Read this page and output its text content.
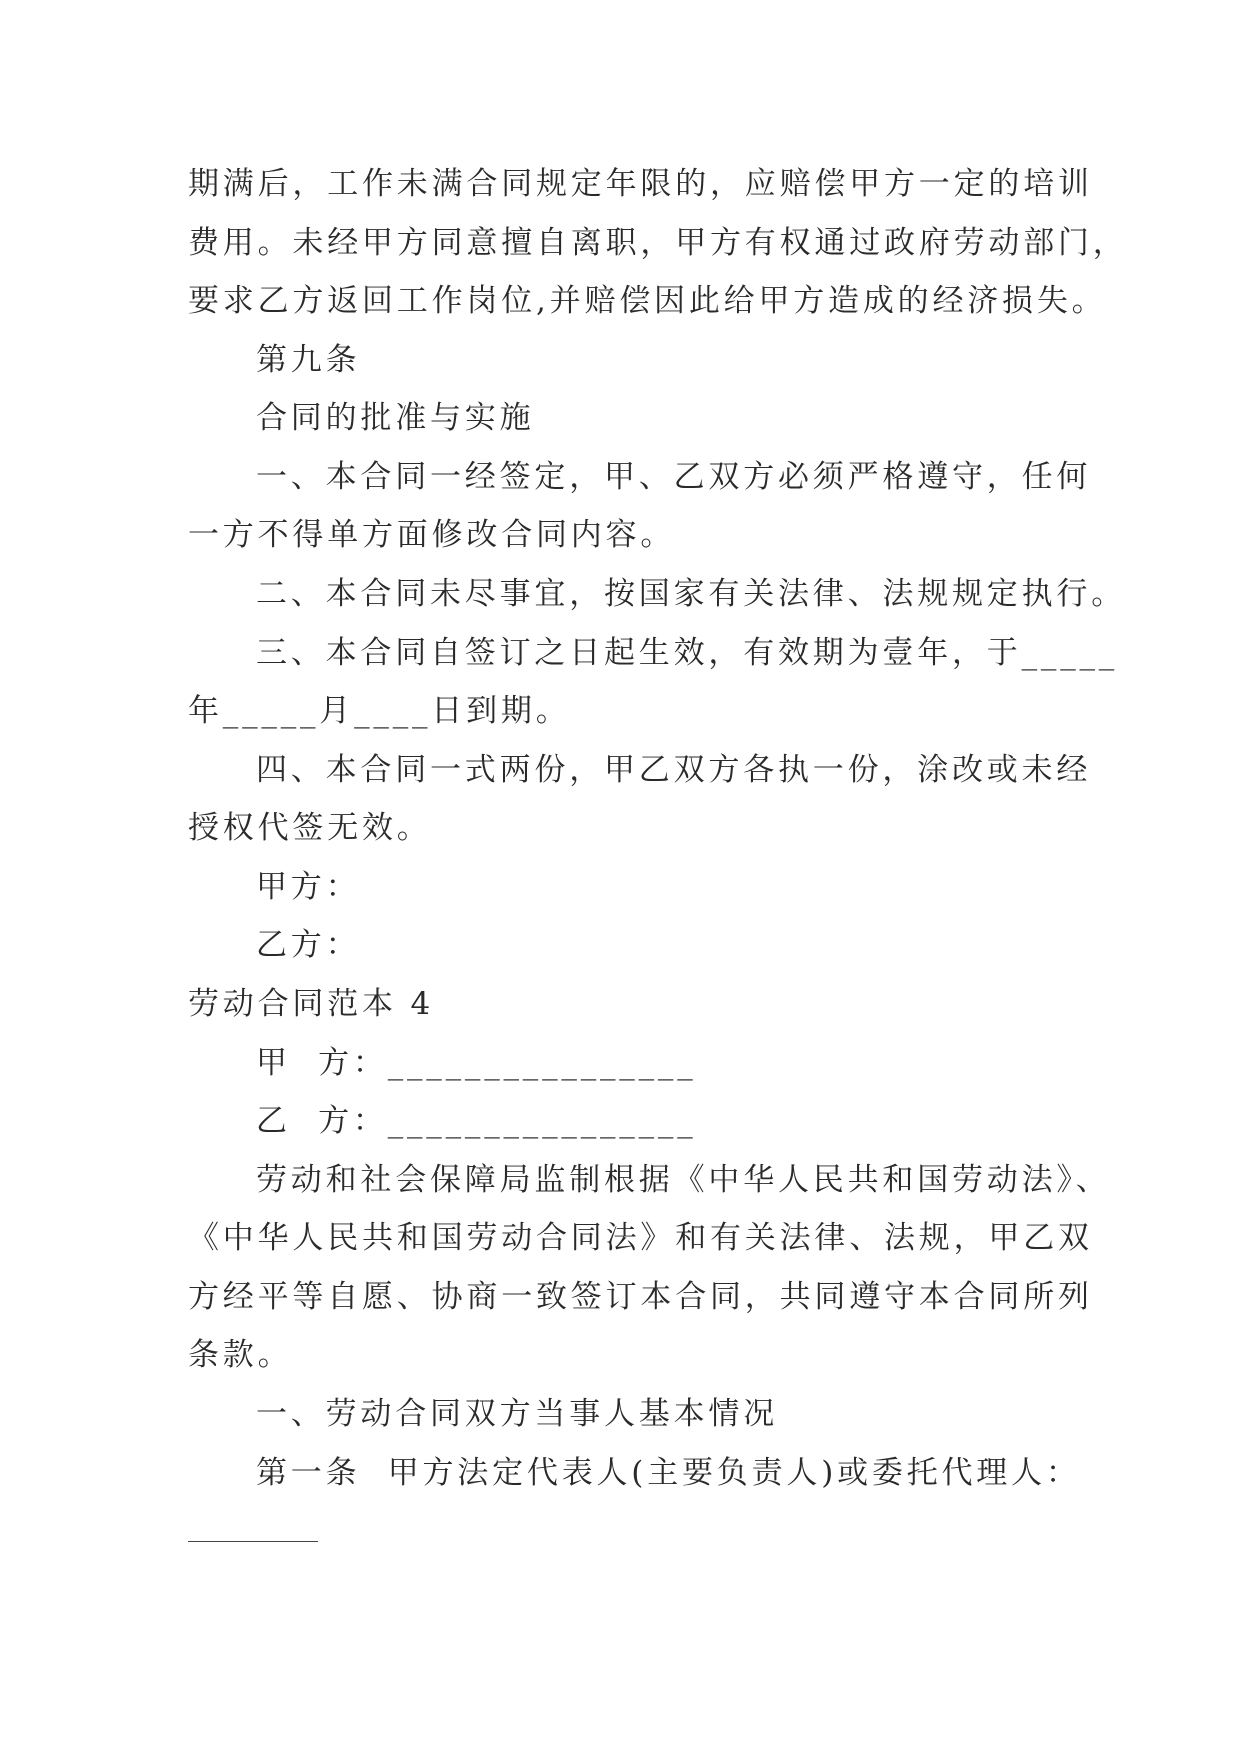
期满后，工作未满合同规定年限的，应赔偿甲方一定的培训
费用。未经甲方同意擅自离职，甲方有权通过政府劳动部门，
要求乙方返回工作岗位,并赔偿因此给甲方造成的经济损失。
第九条
合同的批准与实施
一、本合同一经签定，甲、乙双方必须严格遵守，任何
一方不得单方面修改合同内容。
二、本合同未尽事宜，按国家有关法律、法规规定执行。
三、本合同自签订之日起生效，有效期为壹年，于_____
年_____月____日到期。
四、本合同一式两份，甲乙双方各执一份，涂改或未经
授权代签无效。
甲方：
乙方：
劳动合同范本 4
甲  方：________________
乙  方：________________
劳动和社会保障局监制根据《中华人民共和国劳动法》、
《中华人民共和国劳动合同法》和有关法律、法规，甲乙双
方经平等自愿、协商一致签订本合同，共同遵守本合同所列
条款。
一、劳动合同双方当事人基本情况
第一条  甲方法定代表人(主要负责人)或委托代理人：
